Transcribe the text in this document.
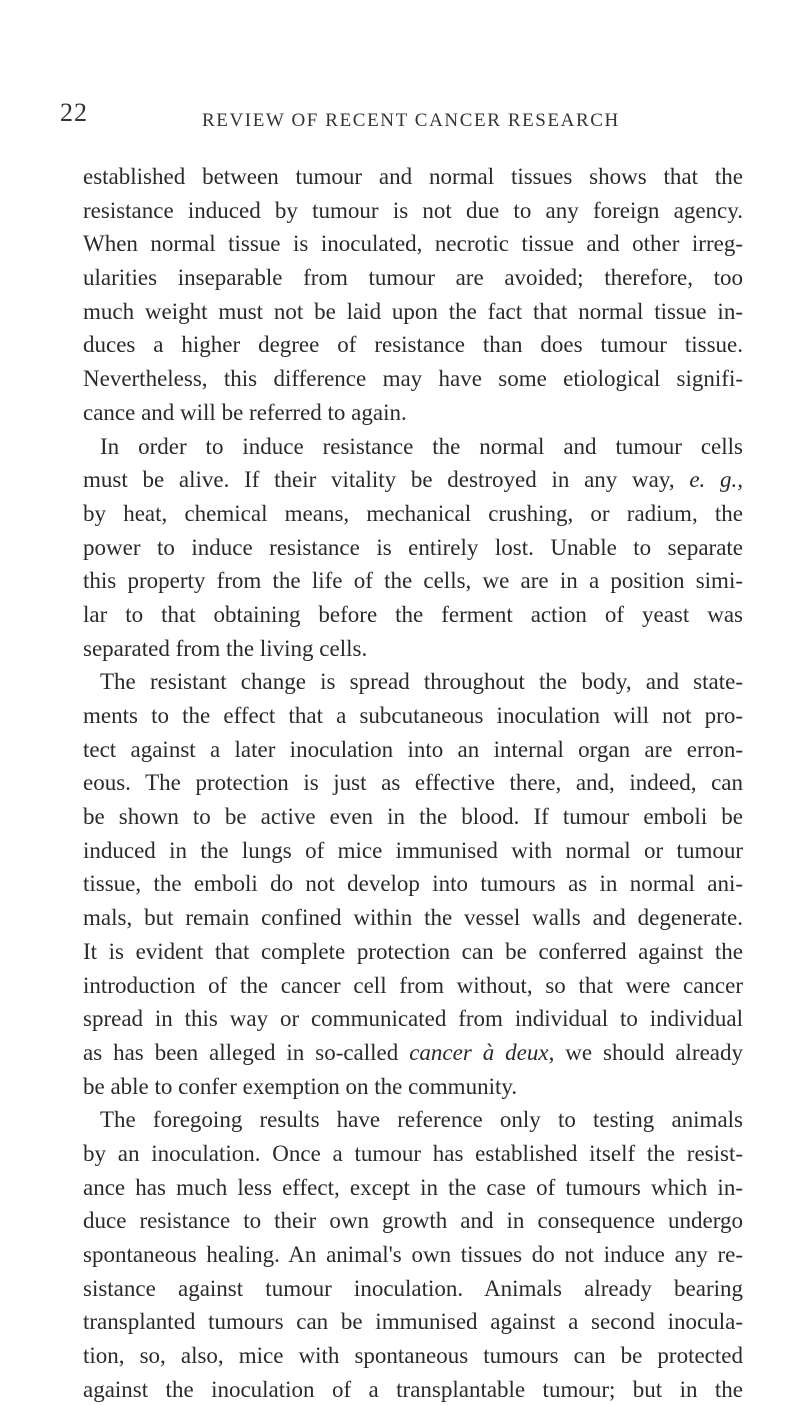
22	REVIEW OF RECENT CANCER RESEARCH
established between tumour and normal tissues shows that the
resistance induced by tumour is not due to any foreign agency.
When normal tissue is inoculated, necrotic tissue and other irreg-
ularities inseparable from tumour are avoided; therefore, too
much weight must not be laid upon the fact that normal tissue in-
duces a higher degree of resistance than does tumour tissue.
Nevertheless, this difference may have some etiological signifi-
cance and will be referred to again.
In order to induce resistance the normal and tumour cells
must be alive. If their vitality be destroyed in any way, e. g.,
by heat, chemical means, mechanical crushing, or radium, the
power to induce resistance is entirely lost. Unable to separate
this property from the life of the cells, we are in a position simi-
lar to that obtaining before the ferment action of yeast was
separated from the living cells.
The resistant change is spread throughout the body, and state-
ments to the effect that a subcutaneous inoculation will not pro-
tect against a later inoculation into an internal organ are erron-
eous. The protection is just as effective there, and, indeed, can
be shown to be active even in the blood. If tumour emboli be
induced in the lungs of mice immunised with normal or tumour
tissue, the emboli do not develop into tumours as in normal ani-
mals, but remain confined within the vessel walls and degenerate.
It is evident that complete protection can be conferred against the
introduction of the cancer cell from without, so that were cancer
spread in this way or communicated from individual to individual
as has been alleged in so-called cancer à deux, we should already
be able to confer exemption on the community.
The foregoing results have reference only to testing animals
by an inoculation. Once a tumour has established itself the resist-
ance has much less effect, except in the case of tumours which in-
duce resistance to their own growth and in consequence undergo
spontaneous healing. An animal's own tissues do not induce any re-
sistance against tumour inoculation. Animals already bearing
transplanted tumours can be immunised against a second inocula-
tion, so, also, mice with spontaneous tumours can be protected
against the inoculation of a transplantable tumour; but in the
